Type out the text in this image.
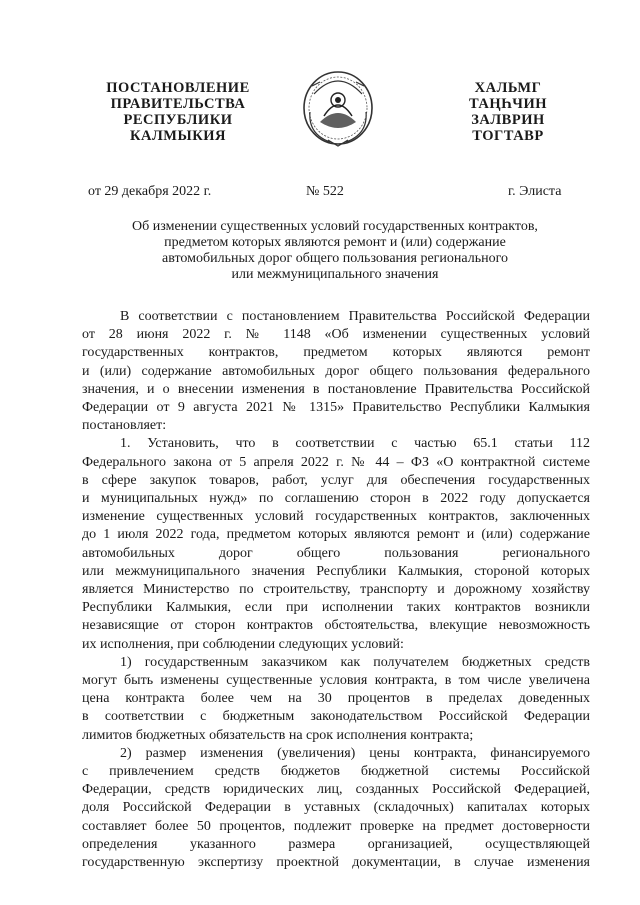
ПОСТАНОВЛЕНИЕ
ПРАВИТЕЛЬСТВА
РЕСПУБЛИКИ
КАЛМЫКИЯ
ХАЛЬМГ
ТАҢҺЧИН
ЗАЛВРИН
ТОГТАВР
от 29 декабря 2022 г.	№ 522	г. Элиста
Об изменении существенных условий государственных контрактов,
предметом которых являются ремонт и (или) содержание
автомобильных дорог общего пользования регионального
или межмуниципального значения
В соответствии с постановлением Правительства Российской Федерации
от 28 июня 2022 г. № 1148 «Об изменении существенных условий
государственных контрактов, предметом которых являются ремонт
и (или) содержание автомобильных дорог общего пользования федерального
значения, и о внесении изменения в постановление Правительства Российской
Федерации от 9 августа 2021 № 1315» Правительство Республики Калмыкия
постановляет:
1. Установить, что в соответствии с частью 65.1 статьи 112
Федерального закона от 5 апреля 2022 г. № 44 – ФЗ «О контрактной системе
в сфере закупок товаров, работ, услуг для обеспечения государственных
и муниципальных нужд» по соглашению сторон в 2022 году допускается
изменение существенных условий государственных контрактов, заключенных
до 1 июля 2022 года, предметом которых являются ремонт и (или) содержание
автомобильных дорог общего пользования регионального
или межмуниципального значения Республики Калмыкия, стороной которых
является Министерство по строительству, транспорту и дорожному хозяйству
Республики Калмыкия, если при исполнении таких контрактов возникли
независящие от сторон контрактов обстоятельства, влекущие невозможность
их исполнения, при соблюдении следующих условий:
1) государственным заказчиком как получателем бюджетных средств
могут быть изменены существенные условия контракта, в том числе увеличена
цена контракта более чем на 30 процентов в пределах доведенных
в соответствии с бюджетным законодательством Российской Федерации
лимитов бюджетных обязательств на срок исполнения контракта;
2) размер изменения (увеличения) цены контракта, финансируемого
с привлечением средств бюджетов бюджетной системы Российской
Федерации, средств юридических лиц, созданных Российской Федерацией,
доля Российской Федерации в уставных (складочных) капиталах которых
составляет более 50 процентов, подлежит проверке на предмет достоверности
определения указанного размера организацией, осуществляющей
государственную экспертизу проектной документации, в случае изменения
